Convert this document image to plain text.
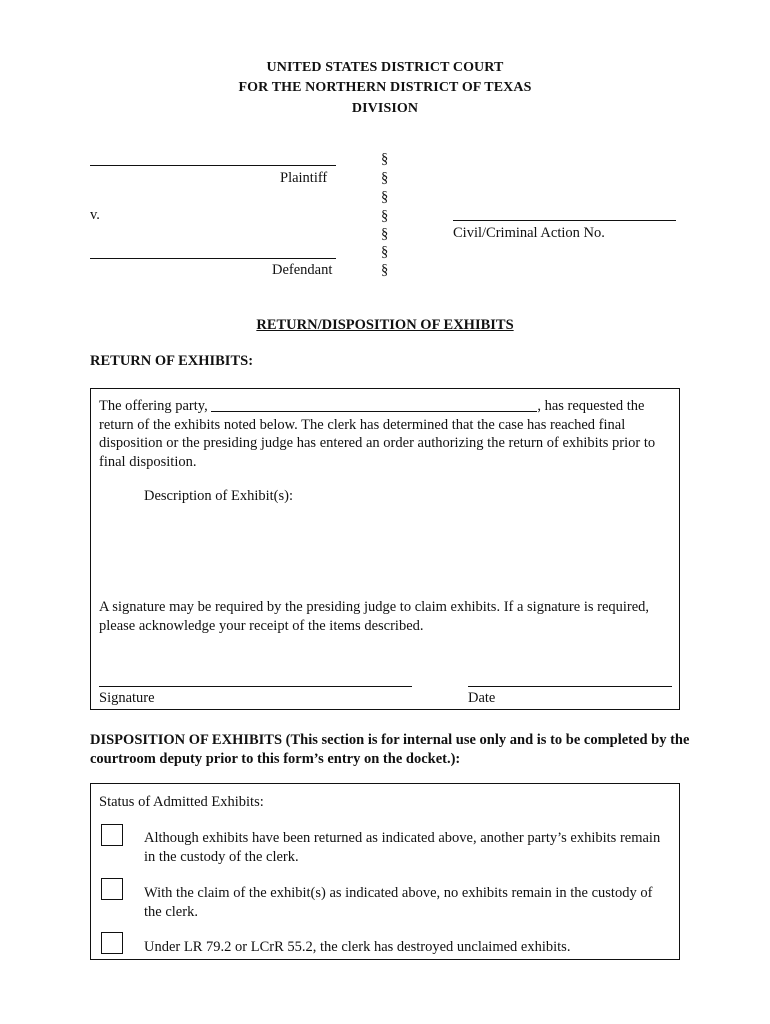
UNITED STATES DISTRICT COURT
FOR THE NORTHERN DISTRICT OF TEXAS
DIVISION
Plaintiff
v.
Defendant
§
§
§
§
§
§
§
Civil/Criminal Action No.
RETURN/DISPOSITION OF EXHIBITS
RETURN OF EXHIBITS:
The offering party,	, has requested the return of the exhibits noted below. The clerk has determined that the case has reached final disposition or the presiding judge has entered an order authorizing the return of exhibits prior to final disposition.
Description of Exhibit(s):
A signature may be required by the presiding judge to claim exhibits. If a signature is required, please acknowledge your receipt of the items described.
Signature	Date
DISPOSITION OF EXHIBITS (This section is for internal use only and is to be completed by the courtroom deputy prior to this form’s entry on the docket.):
Status of Admitted Exhibits:
Although exhibits have been returned as indicated above, another party’s exhibits remain in the custody of the clerk.
With the claim of the exhibit(s) as indicated above, no exhibits remain in the custody of the clerk.
Under LR 79.2 or LCrR 55.2, the clerk has destroyed unclaimed exhibits.
